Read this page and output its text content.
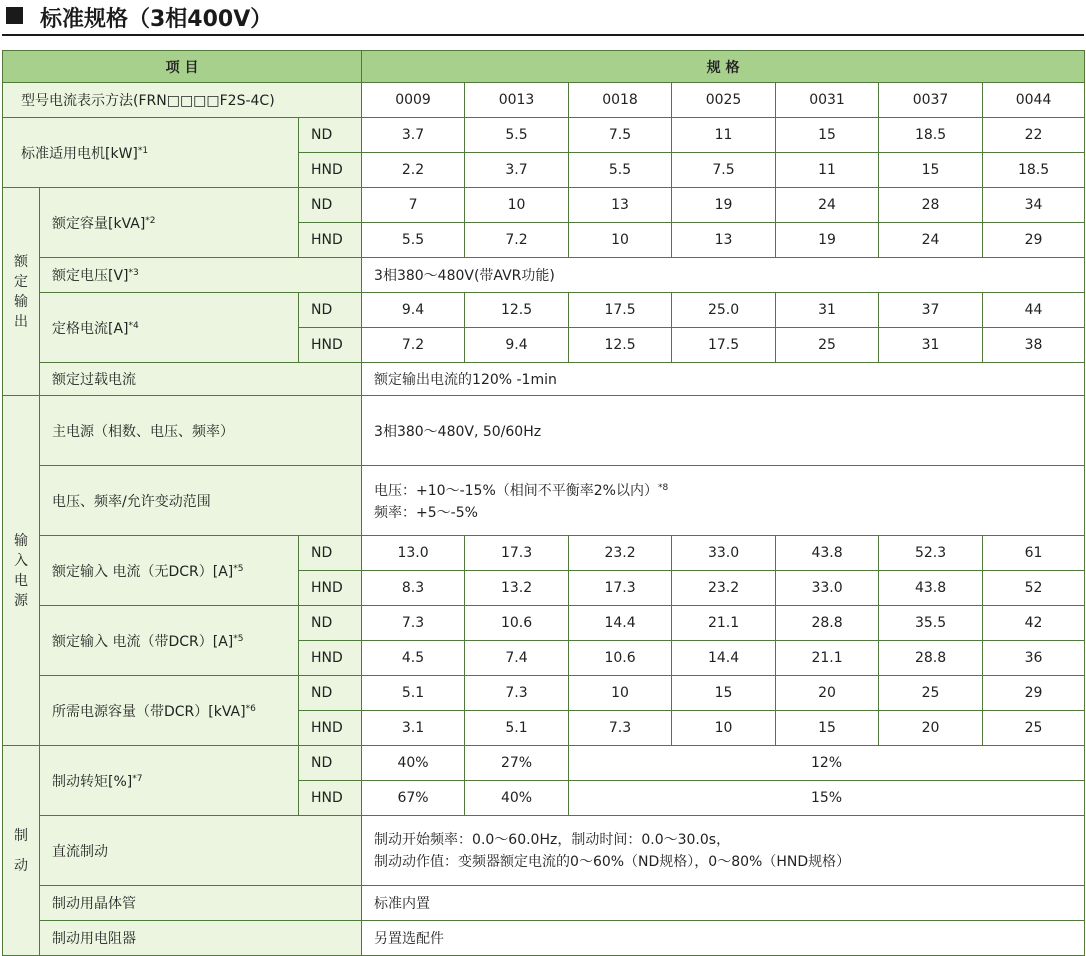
标准规格（3相400V）
项 目			规 格						
型号电流表示方法(FRN□□□□F2S-4C)			0009	0013	0018	0025	0031	0037	0044
标准适用电机[kW]$^{*1}$		ND	3.7	5.5	7.5	11	15	18.5	22
		HND	2.2	3.7	5.5	7.5	11	15	18.5

额
定
输
出	额定容量[kVA]$^{*2}$	ND	7	10	13	19	24	28	34
		HND	5.5	7.2	10	13	19	24	29
	额定电压$[V]^{*3}$		3相380～480V(带AVR功能)						
	定格电流$[A]^{*4}$	ND	9.4	12.5	17.5	25.0	31	37	44
		HND	7.2	9.4	12.5	17.5	25	31	38
	额定过载电流		额定输出电流的120% -1min						

输
入
电
源	主电源（相数、电压、频率）		3相380～480V, 50/60Hz						
	电压、频率/允许变动范围		电压：+10～-15%（相间不平衡率2%以内）$^{*8}$
频率：+5～-5%						

	额定输入 电流（无$DCR)[A]^{*5}$	ND	13.0	17.3	23.2	33.0	43.8	52.3	61
		HND	8.3	13.2	17.3	23.2	33.0	43.8	52
	额定输入 电流（带$DCR)[A]^{*5}$	ND	7.3	10.6	14.4	21.1	28.8	35.5	42
		HND	4.5	7.4	10.6	14.4	21.1	28.8	36
	所需电源容量（带DCR）[kVA]$^{*6}$	ND	5.1	7.3	10	15	20	25	29
		HND	3.1	5.1	7.3	10	15	20	25

制
动	制动转矩[%]$^{*7}$	ND	40%	27%	12%				
		HND	67%	40%	15%				
	直流制动		制动开始频率：0.0～60.0Hz，制动时间：0.0～30.0s，
制动动作值：变频器额定电流的0～60%（ND规格），0～80%（HND规格）						

	制动用晶体管		标准内置						
	制动用电阻器		另置选配件						
